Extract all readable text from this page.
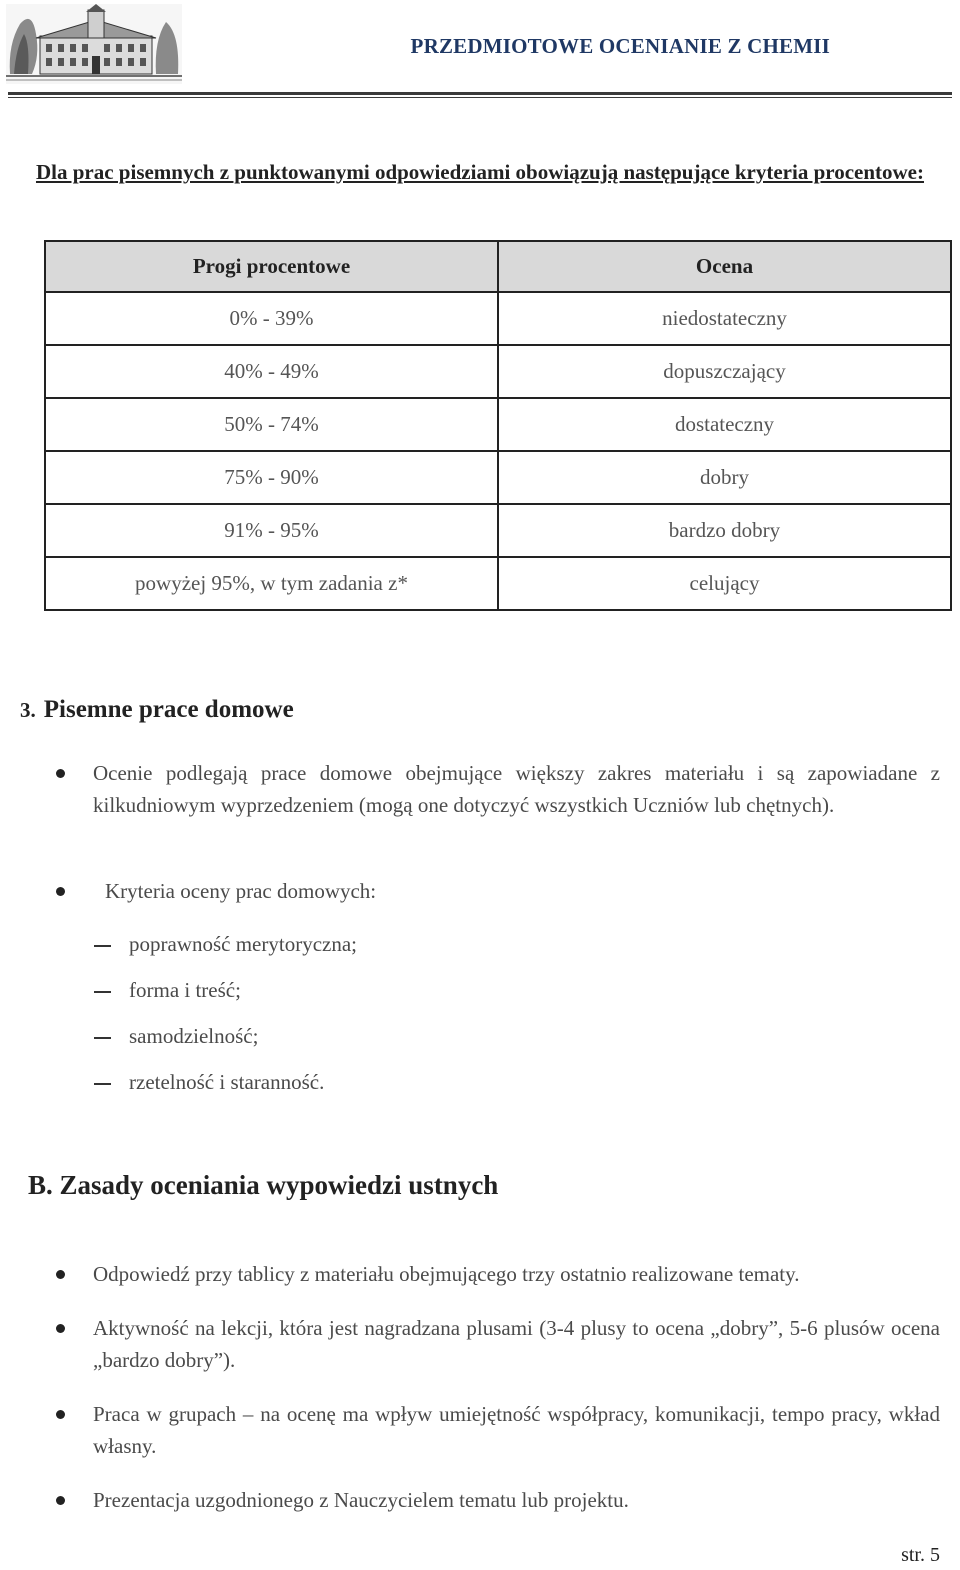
PRZEDMIOTOWE OCENIANIE Z CHEMII
Dla prac pisemnych z punktowanymi odpowiedziami obowiązują następujące kryteria procentowe:
Progi procentowe	Ocena
0% - 39%	niedostateczny
40% - 49%	dopuszczający
50% - 74%	dostateczny
75% - 90%	dobry
91% - 95%	bardzo dobry
powyżej 95%, w tym zadania z*	celujący
3. Pisemne prace domowe
Ocenie podlegają prace domowe obejmujące większy zakres materiału i są zapowiadane z kilkudniowym wyprzedzeniem (mogą one dotyczyć wszystkich Uczniów lub chętnych).
Kryteria oceny prac domowych:
poprawność merytoryczna;
forma i treść;
samodzielność;
rzetelność i staranność.
B. Zasady oceniania wypowiedzi ustnych
Odpowiedź przy tablicy z materiału obejmującego trzy ostatnio realizowane tematy.
Aktywność na lekcji, która jest nagradzana plusami (3-4 plusy to ocena „dobry”, 5-6 plusów ocena „bardzo dobry”).
Praca w grupach – na ocenę ma wpływ umiejętność współpracy, komunikacji, tempo pracy, wkład własny.
Prezentacja uzgodnionego z Nauczycielem tematu lub projektu.
str. 5
